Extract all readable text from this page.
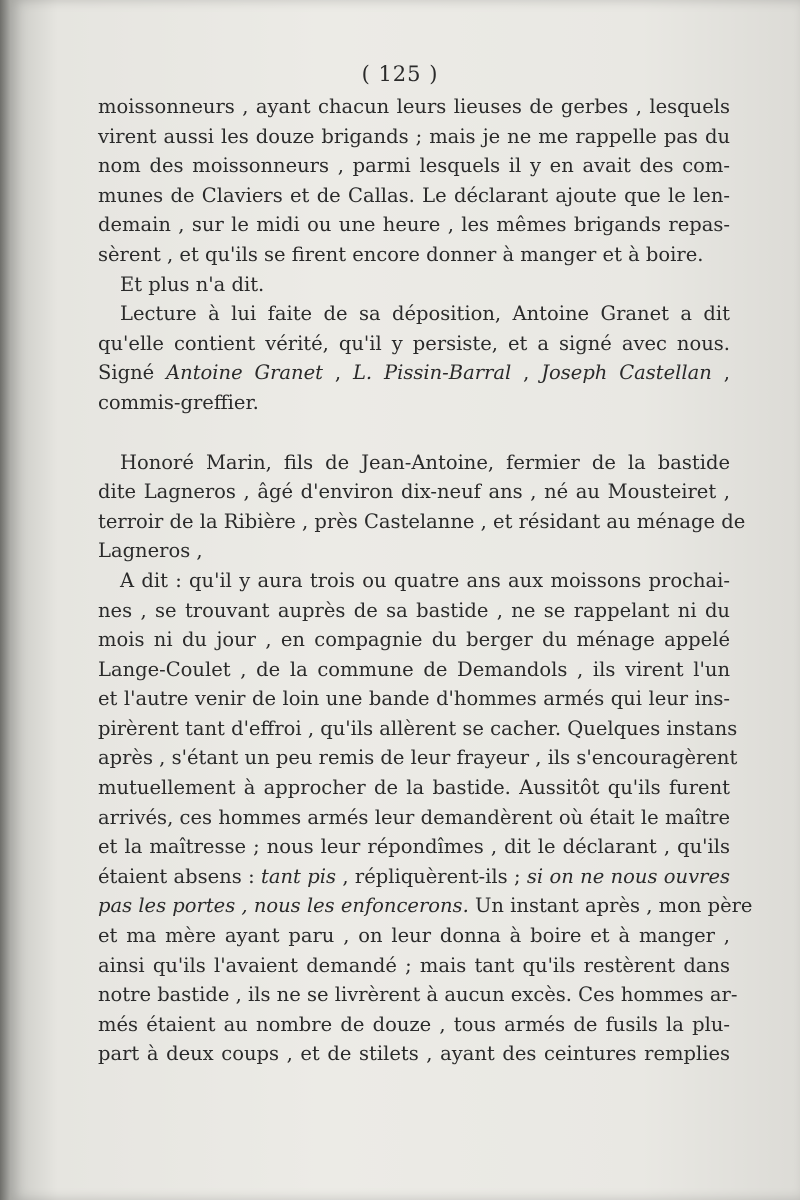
( 125 )
moissonneurs , ayant chacun leurs lieuses de gerbes , lesquels
virent aussi les douze brigands ; mais je ne me rappelle pas du
nom des moissonneurs , parmi lesquels il y en avait des com-
munes de Claviers et de Callas. Le déclarant ajoute que le len-
demain , sur le midi ou une heure , les mêmes brigands repas-
sèrent , et qu'ils se firent encore donner à manger et à boire.
Et plus n'a dit.
Lecture à lui faite de sa déposition, Antoine Granet a dit
qu'elle contient vérité, qu'il y persiste, et a signé avec nous.
Signé Antoine Granet , L. Pissin-Barral , Joseph Castellan ,
commis-greffier.
Honoré Marin, fils de Jean-Antoine, fermier de la bastide
dite Lagneros , âgé d'environ dix-neuf ans , né au Mousteiret ,
terroir de la Ribière , près Castelanne , et résidant au ménage de
Lagneros ,
A dit : qu'il y aura trois ou quatre ans aux moissons prochai-
nes , se trouvant auprès de sa bastide , ne se rappelant ni du
mois ni du jour , en compagnie du berger du ménage appelé
Lange-Coulet , de la commune de Demandols , ils virent l'un
et l'autre venir de loin une bande d'hommes armés qui leur ins-
pirèrent tant d'effroi , qu'ils allèrent se cacher. Quelques instans
après , s'étant un peu remis de leur frayeur , ils s'encouragèrent
mutuellement à approcher de la bastide. Aussitôt qu'ils furent
arrivés, ces hommes armés leur demandèrent où était le maître
et la maîtresse ; nous leur répondîmes , dit le déclarant , qu'ils
étaient absens : tant pis , répliquèrent-ils ; si on ne nous ouvres
pas les portes , nous les enfoncerons. Un instant après , mon père
et ma mère ayant paru , on leur donna à boire et à manger ,
ainsi qu'ils l'avaient demandé ; mais tant qu'ils restèrent dans
notre bastide , ils ne se livrèrent à aucun excès. Ces hommes ar-
més étaient au nombre de douze , tous armés de fusils la plu-
part à deux coups , et de stilets , ayant des ceintures remplies
